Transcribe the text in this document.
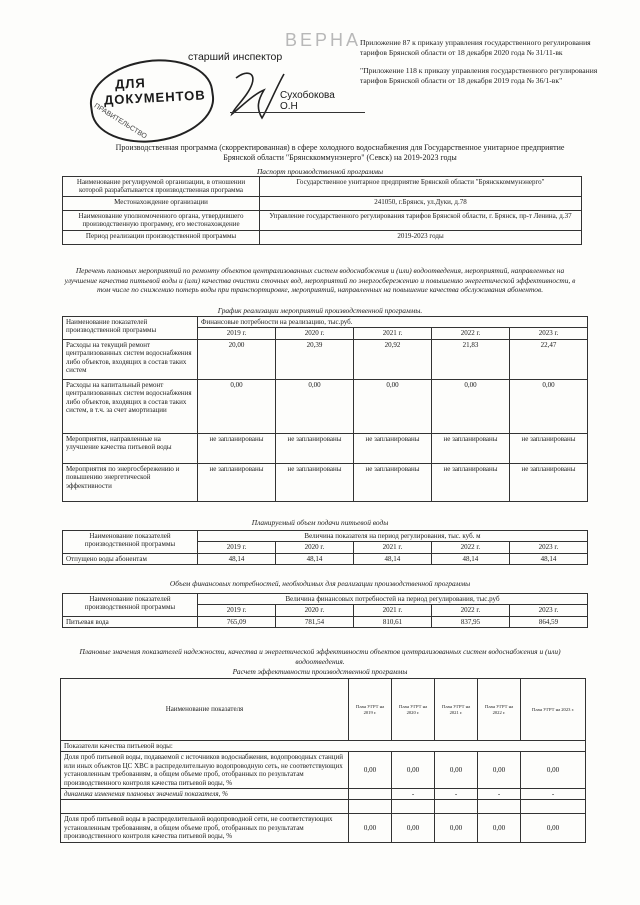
ВЕРНА
старший инспектор
ДЛЯ
ДОКУМЕНТОВ
ПРАВИТЕЛЬСТВО
Сухобокова О.Н

Приложение 87 к приказу управления государственного регулирования тарифов Брянской области от 18 декабря 2020 года № 31/11-вк

"Приложение 118 к приказу управления государственного регулирования тарифов Брянской области от 18 декабря 2019 года № 36/1-вк"

Производственная программа (скорректированная) в сфере холодного водоснабжения для Государственное унитарное предприятие Брянской области "Брянсккоммунэнерго" (Севск) на 2019-2023 годы
Паспорт производственной программы
Наименование регулируемой организации, в отношении которой разрабатывается производственная программа	Государственное унитарное предприятие Брянской области "Брянсккоммунэнерго"
Местонахождение организации	241050, г.Брянск, ул.Дуки, д.78
Наименование уполномоченного органа, утвердившего производственную программу, его местонахождение	Управление государственного регулирования тарифов Брянской области, г. Брянск, пр-т Ленина, д.37
Период реализации производственной программы	2019-2023 годы
Перечень плановых мероприятий по ремонту объектов централизованных систем водоснабжения и (или) водоотведения, мероприятий, направленных на улучшение качества питьевой воды и (или) качества очистки сточных вод, мероприятий по энергосбережению и повышению энергетической эффективности, в том числе по снижению потерь воды при транспортировке, мероприятий, направленных на повышение качества обслуживания абонентов.
График реализации мероприятий производственной программы.
Наименование показателей производственной программы	Финансовые потребности на реализацию, тыс.руб.				
	2019 г.	2020 г.	2021 г.	2022 г.	2023 г.
Расходы на текущий ремонт централизованных систем водоснабжения либо объектов, входящих в состав таких систем	20,00	20,39	20,92	21,83	22,47
Расходы на капитальный ремонт централизованных систем водоснабжения либо объектов, входящих в состав таких систем, в т.ч. за счет амортизации	0,00	0,00	0,00	0,00	0,00
Мероприятия, направленные на улучшение качества питьевой воды	не запланированы	не запланированы	не запланированы	не запланированы	не запланированы
Мероприятия по энергосбережению и повышению энергетической эффективности	не запланированы	не запланированы	не запланированы	не запланированы	не запланированы
Планируемый объем подачи питьевой воды
Наименование показателей производственной программы	Величина показателя на период регулирования, тыс. куб. м				
	2019 г.	2020 г.	2021 г.	2022 г.	2023 г.
Отпущено воды абонентам	48,14	48,14	48,14	48,14	48,14
Объем финансовых потребностей, необходимых для реализации производственной программы
Наименование показателей производственной программы	Величина финансовых потребностей на период регулирования, тыс.руб				
	2019 г.	2020 г.	2021 г.	2022 г.	2023 г.
Питьевая вода	765,09	781,54	810,61	837,95	864,59
Плановые значения показателей надежности, качества и энергетической эффективности объектов централизованных систем водоснабжения и (или) водоотведения.
Расчет эффективности производственной программы
Наименование показателя	План УГРТ на 2019 г.	План УГРТ на 2020 г.	План УГРТ на 2021 г.	План УГРТ на 2022 г.	План УГРТ на 2023 г.
Показатели качества питьевой воды:					
Доля проб питьевой воды, подаваемой с источников водоснабжения, водопроводных станций или иных объектов ЦС ХВС в распределительную водопроводную сеть, не соответствующих установленным требованиям, в общем объеме проб, отобранных по результатам производственного контроля качества питьевой воды, %	0,00	0,00	0,00	0,00	0,00
динамика изменения плановых значений показателя, %		-	-	-	-

Доля проб питьевой воды в распределительной водопроводной сети, не соответствующих установленным требованиям, в общем объеме проб, отобранных по результатам производственного контроля качества питьевой воды, %	0,00	0,00	0,00	0,00	0,00
